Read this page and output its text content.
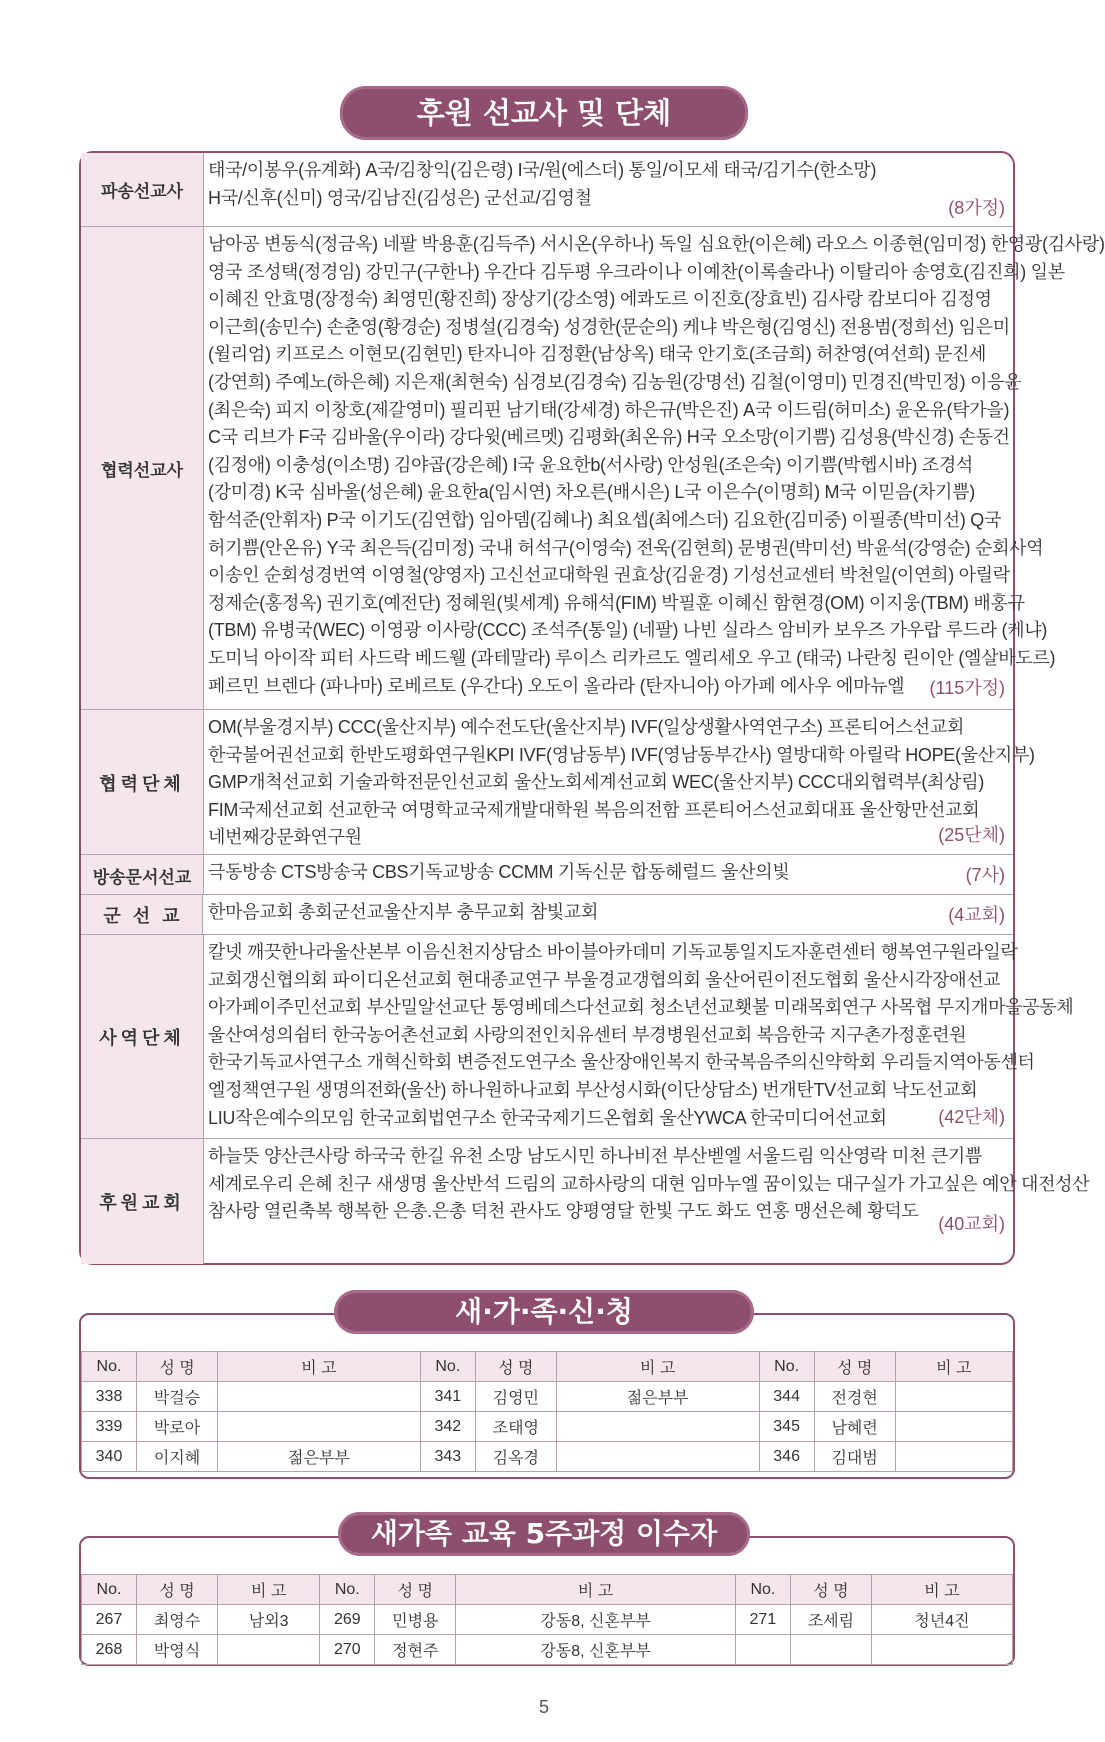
후원 선교사 및 단체
파송선교사
태국/이봉우(유계화) A국/김창익(김은령) I국/원(에스더) 통일/이모세 태국/김기수(한소망)
H국/신후(신미) 영국/김남진(김성은) 군선교/김영철
(8가정)
협력선교사
남아공 변동식(정금옥) 네팔 박용훈(김득주) 서시온(우하나) 독일 심요한(이은혜) 라오스 이종현(임미정) 한영광(김사랑)
영국 조성택(정경임) 강민구(구한나) 우간다 김두평 우크라이나 이예찬(이록솔라나) 이탈리아 송영호(김진희) 일본
이혜진 안효명(장정숙) 최영민(황진희) 장상기(강소영) 에콰도르 이진호(장효빈) 김사랑 캄보디아 김정영
이근희(송민수) 손춘영(황경순) 정병설(김경숙) 성경한(문순의) 케냐 박은형(김영신) 전용범(정희선) 임은미
(윌리엄) 키프로스 이현모(김현민) 탄자니아 김정환(남상옥) 태국 안기호(조금희) 허찬영(여선희) 문진세
(강연희) 주예노(하은혜) 지은재(최현숙) 심경보(김경숙) 김농원(강명선) 김철(이영미) 민경진(박민정) 이응윤
(최은숙) 피지 이창호(제갈영미) 필리핀 남기태(강세경) 하은규(박은진) A국 이드림(허미소) 윤온유(탁가을)
C국 리브가 F국 김바울(우이라) 강다윗(베르멧) 김평화(최온유) H국 오소망(이기쁨) 김성용(박신경) 손동건
(김정애) 이충성(이소명) 김야곱(강은혜) I국 윤요한b(서사랑) 안성원(조은숙) 이기쁨(박헵시바) 조경석
(강미경) K국 심바울(성은혜) 윤요한a(임시연) 차오른(배시은) L국 이은수(이명희) M국 이믿음(차기쁨)
함석준(안휘자) P국 이기도(김연합) 임아뎀(김혜나) 최요셉(최에스더) 김요한(김미중) 이필종(박미선) Q국
허기쁨(안온유) Y국 최은득(김미정) 국내 허석구(이영숙) 전욱(김현희) 문병권(박미선) 박윤석(강영순) 순회사역
이송인 순회성경번역 이영철(양영자) 고신선교대학원 권효상(김윤경) 기성선교센터 박천일(이연희) 아릴락
정제순(홍정옥) 권기호(예전단) 정혜원(빛세계) 유해석(FIM) 박필훈 이혜신 함현경(OM) 이지웅(TBM) 배홍규
(TBM) 유병국(WEC) 이영광 이사랑(CCC) 조석주(통일) (네팔) 나빈 실라스 암비카 보우즈 가우랍 루드라 (케냐)
도미닉 아이작 피터 사드락 베드웰 (과테말라) 루이스 리카르도 엘리세오 우고 (태국) 나란칭 린이안 (엘살바도르)
페르민 브렌다 (파나마) 로베르토 (우간다) 오도이 올라라 (탄자니아) 아가페 에사우 에마뉴엘	(115가정)
협력단체
OM(부울경지부) CCC(울산지부) 예수전도단(울산지부) IVF(일상생활사역연구소) 프론티어스선교회
한국불어권선교회 한반도평화연구원KPI IVF(영남동부) IVF(영남동부간사) 열방대학 아릴락 HOPE(울산지부)
GMP개척선교회 기술과학전문인선교회 울산노회세계선교회 WEC(울산지부) CCC대외협력부(최상림)
FIM국제선교회 선교한국 여명학교국제개발대학원 복음의전함 프론티어스선교회대표 울산항만선교회
네번째강문화연구원	(25단체)
방송문서선교 극동방송 CTS방송국 CBS기독교방송 CCMM 기독신문 합동헤럴드 울산의빛	(7사)
군선교 한마음교회 총회군선교울산지부 충무교회 참빛교회	(4교회)
사역단체
칼넷 깨끗한나라울산본부 이음신천지상담소 바이블아카데미 기독교통일지도자훈련센터 행복연구원라일락
교회갱신협의회 파이디온선교회 현대종교연구 부울경교갱협의회 울산어린이전도협회 울산시각장애선교
아가페이주민선교회 부산밀알선교단 통영베데스다선교회 청소년선교횃불 미래목회연구 사목협 무지개마을공동체
울산여성의쉼터 한국농어촌선교회 사랑의전인치유센터 부경병원선교회 복음한국 지구촌가정훈련원
한국기독교사연구소 개혁신학회 변증전도연구소 울산장애인복지 한국복음주의신약학회 우리들지역아동센터
엘정책연구원 생명의전화(울산) 하나원하나교회 부산성시화(이단상담소) 번개탄TV선교회 낙도선교회
LIU작은예수의모임 한국교회법연구소 한국국제기드온협회 울산YWCA 한국미디어선교회	(42단체)
후원교회
하늘뜻 양산큰사랑 하국국 한길 유천 소망 남도시민 하나비전 부산벧엘 서울드림 익산영락 미천 큰기쁨
세계로우리 은혜 친구 새생명 울산반석 드림의 교하사랑의 대현 임마누엘 꿈이있는 대구실가 가고싶은 예안 대전성산
참사랑 열린축복 행복한 은총.은총 덕천 관사도 양평영달 한빛 구도 화도 연홍 맹선은혜 황덕도
(40교회)
No.	성 명	비 고	No.	성 명	비 고	No.	성 명	비 고
338	박걸승		341	김영민	젊은부부	344	전경현	
339	박로아		342	조태영		345	남혜련	
340	이지혜	젊은부부	343	김옥경		346	김대범	
새·가·족·신·청
No.	성 명	비 고	No.	성 명	비 고	No.	성 명	비 고
267	최영수	남외3	269	민병용	강동8, 신혼부부	271	조세림	청년4진
268	박영식		270	정현주	강동8, 신혼부부			
새가족 교육 5주과정 이수자
5
